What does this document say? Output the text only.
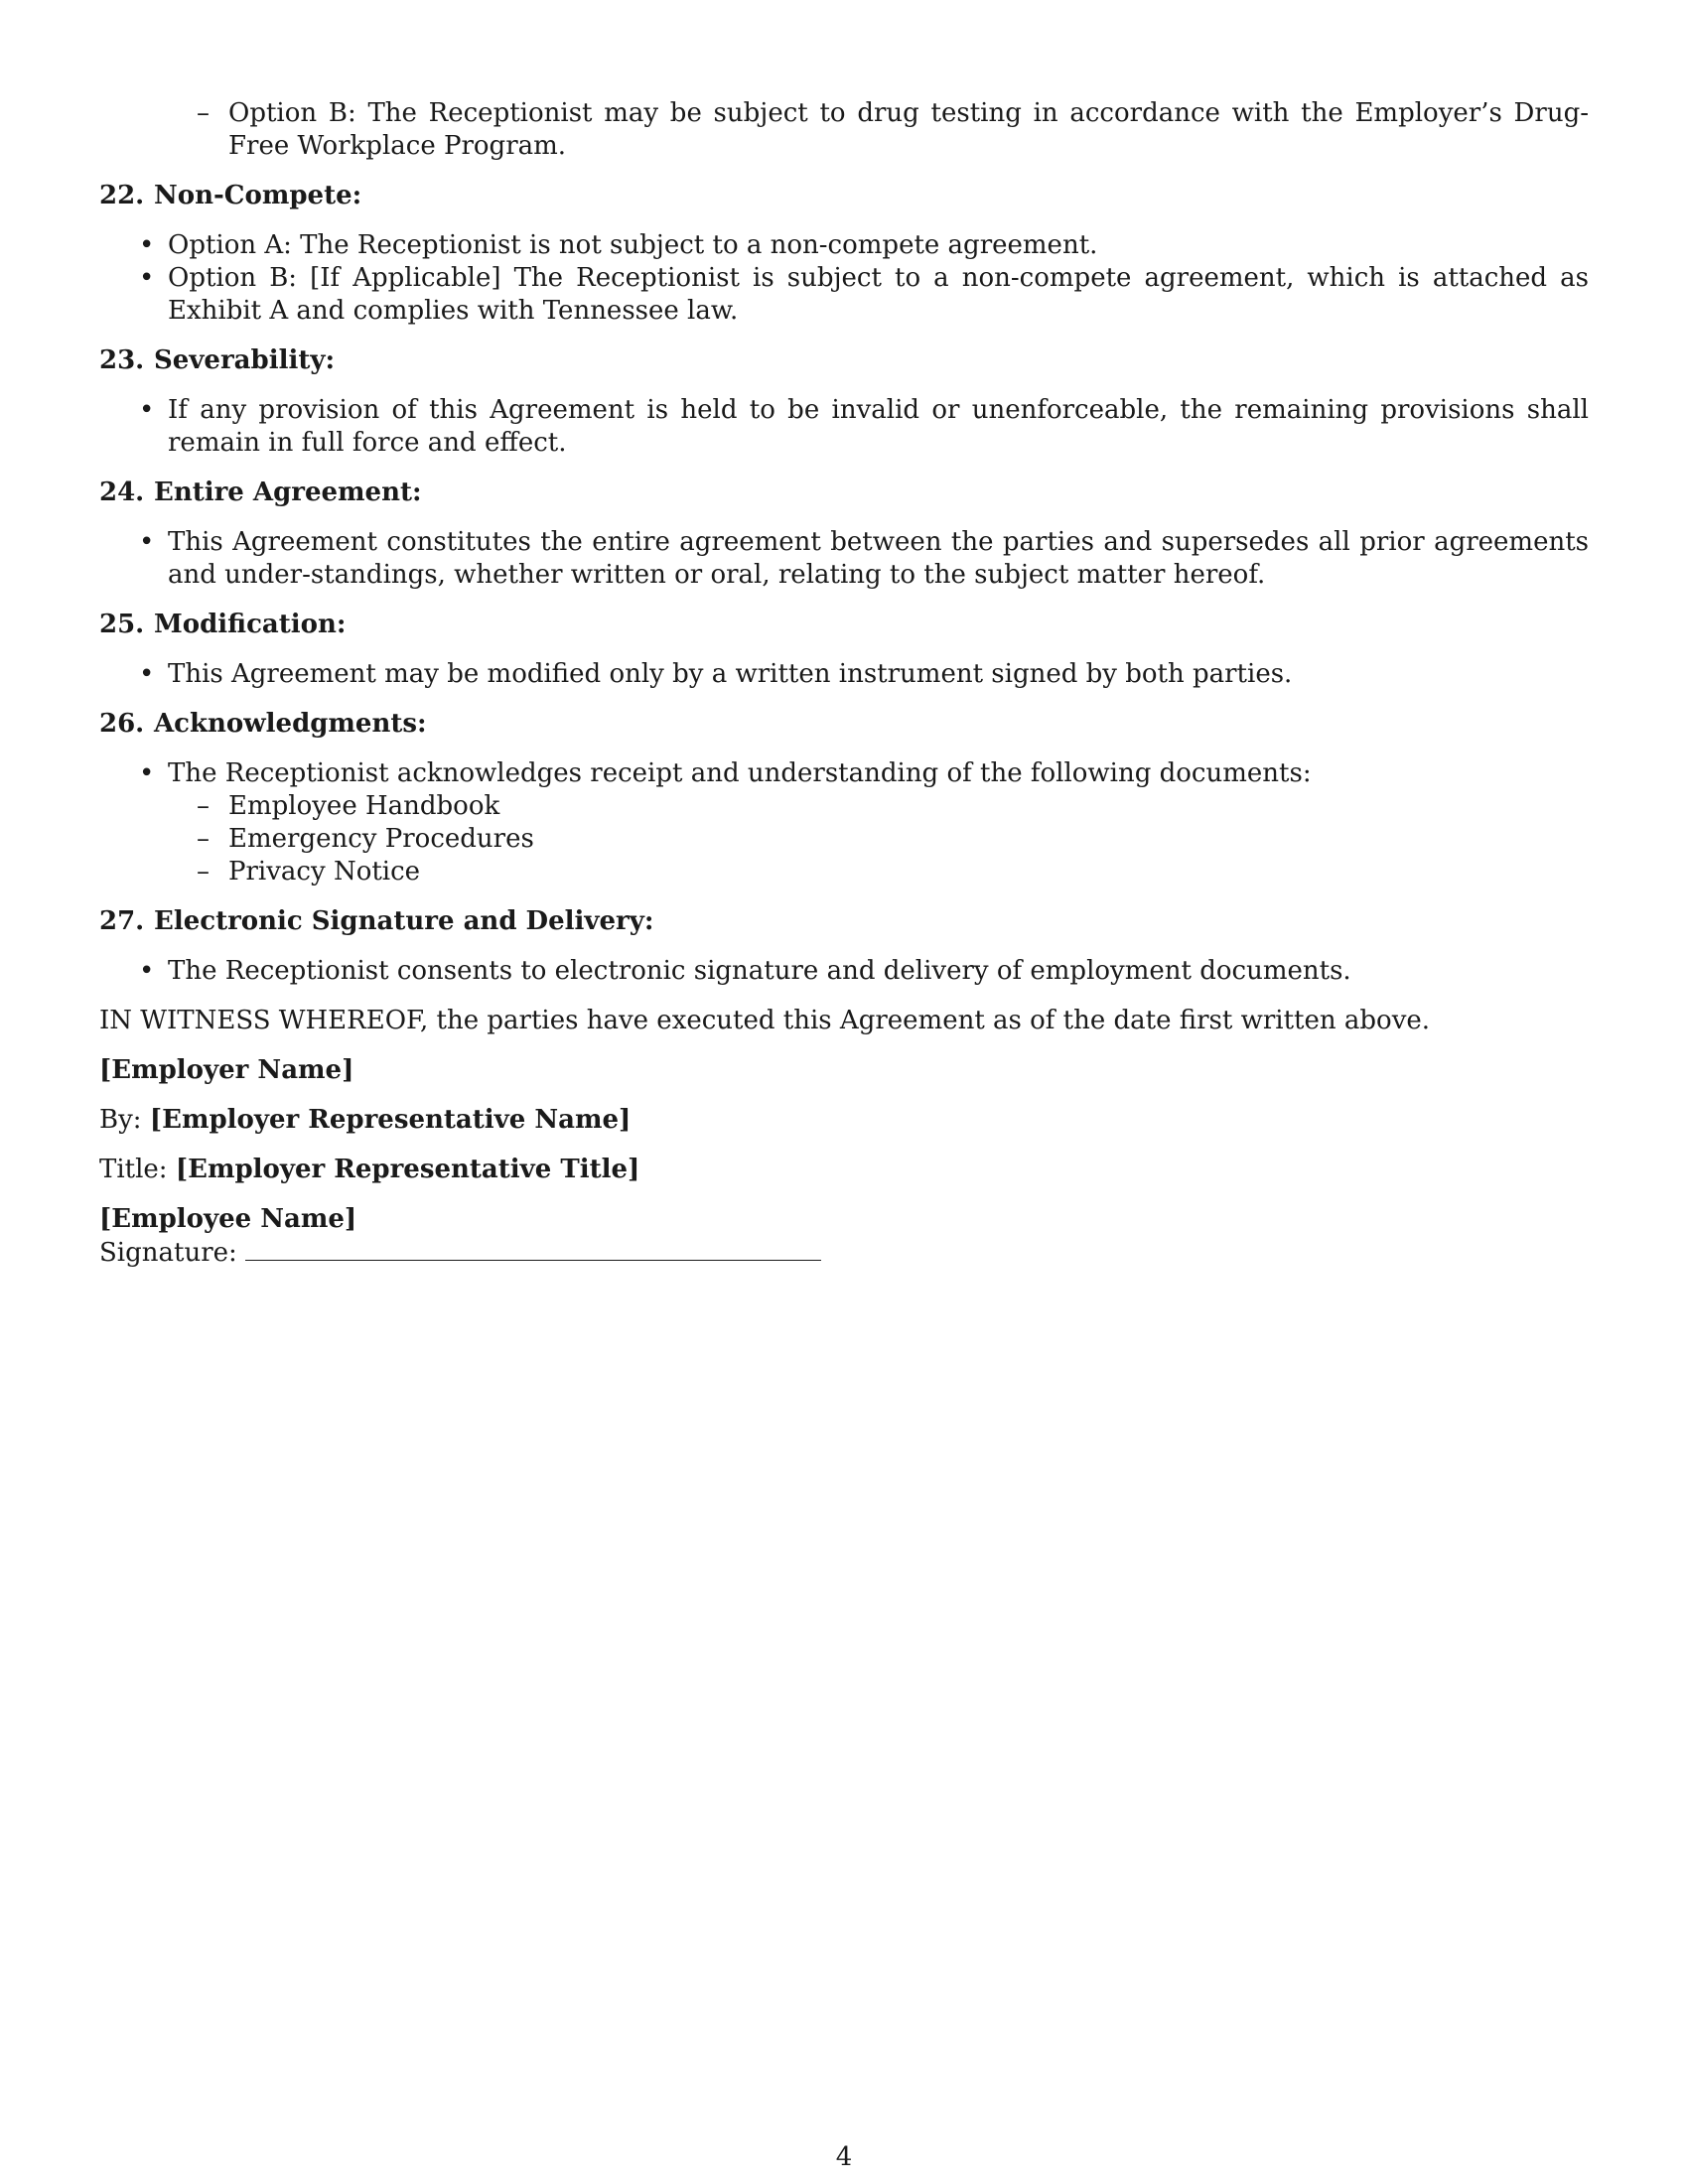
– Option B: The Receptionist may be subject to drug testing in accordance with the Employer’s Drug-Free Workplace Program.
22. Non-Compete:
• Option A: The Receptionist is not subject to a non-compete agreement.
• Option B: [If Applicable] The Receptionist is subject to a non-compete agreement, which is attached as Exhibit A and complies with Tennessee law.
23. Severability:
• If any provision of this Agreement is held to be invalid or unenforceable, the remaining provisions shall remain in full force and effect.
24. Entire Agreement:
• This Agreement constitutes the entire agreement between the parties and supersedes all prior agreements and under-standings, whether written or oral, relating to the subject matter hereof.
25. Modification:
• This Agreement may be modified only by a written instrument signed by both parties.
26. Acknowledgments:
• The Receptionist acknowledges receipt and understanding of the following documents:
– Employee Handbook
– Emergency Procedures
– Privacy Notice
27. Electronic Signature and Delivery:
• The Receptionist consents to electronic signature and delivery of employment documents.
IN WITNESS WHEREOF, the parties have executed this Agreement as of the date first written above.
[Employer Name]
By: [Employer Representative Name]
Title: [Employer Representative Title]
[Employee Name]
Signature:
4
